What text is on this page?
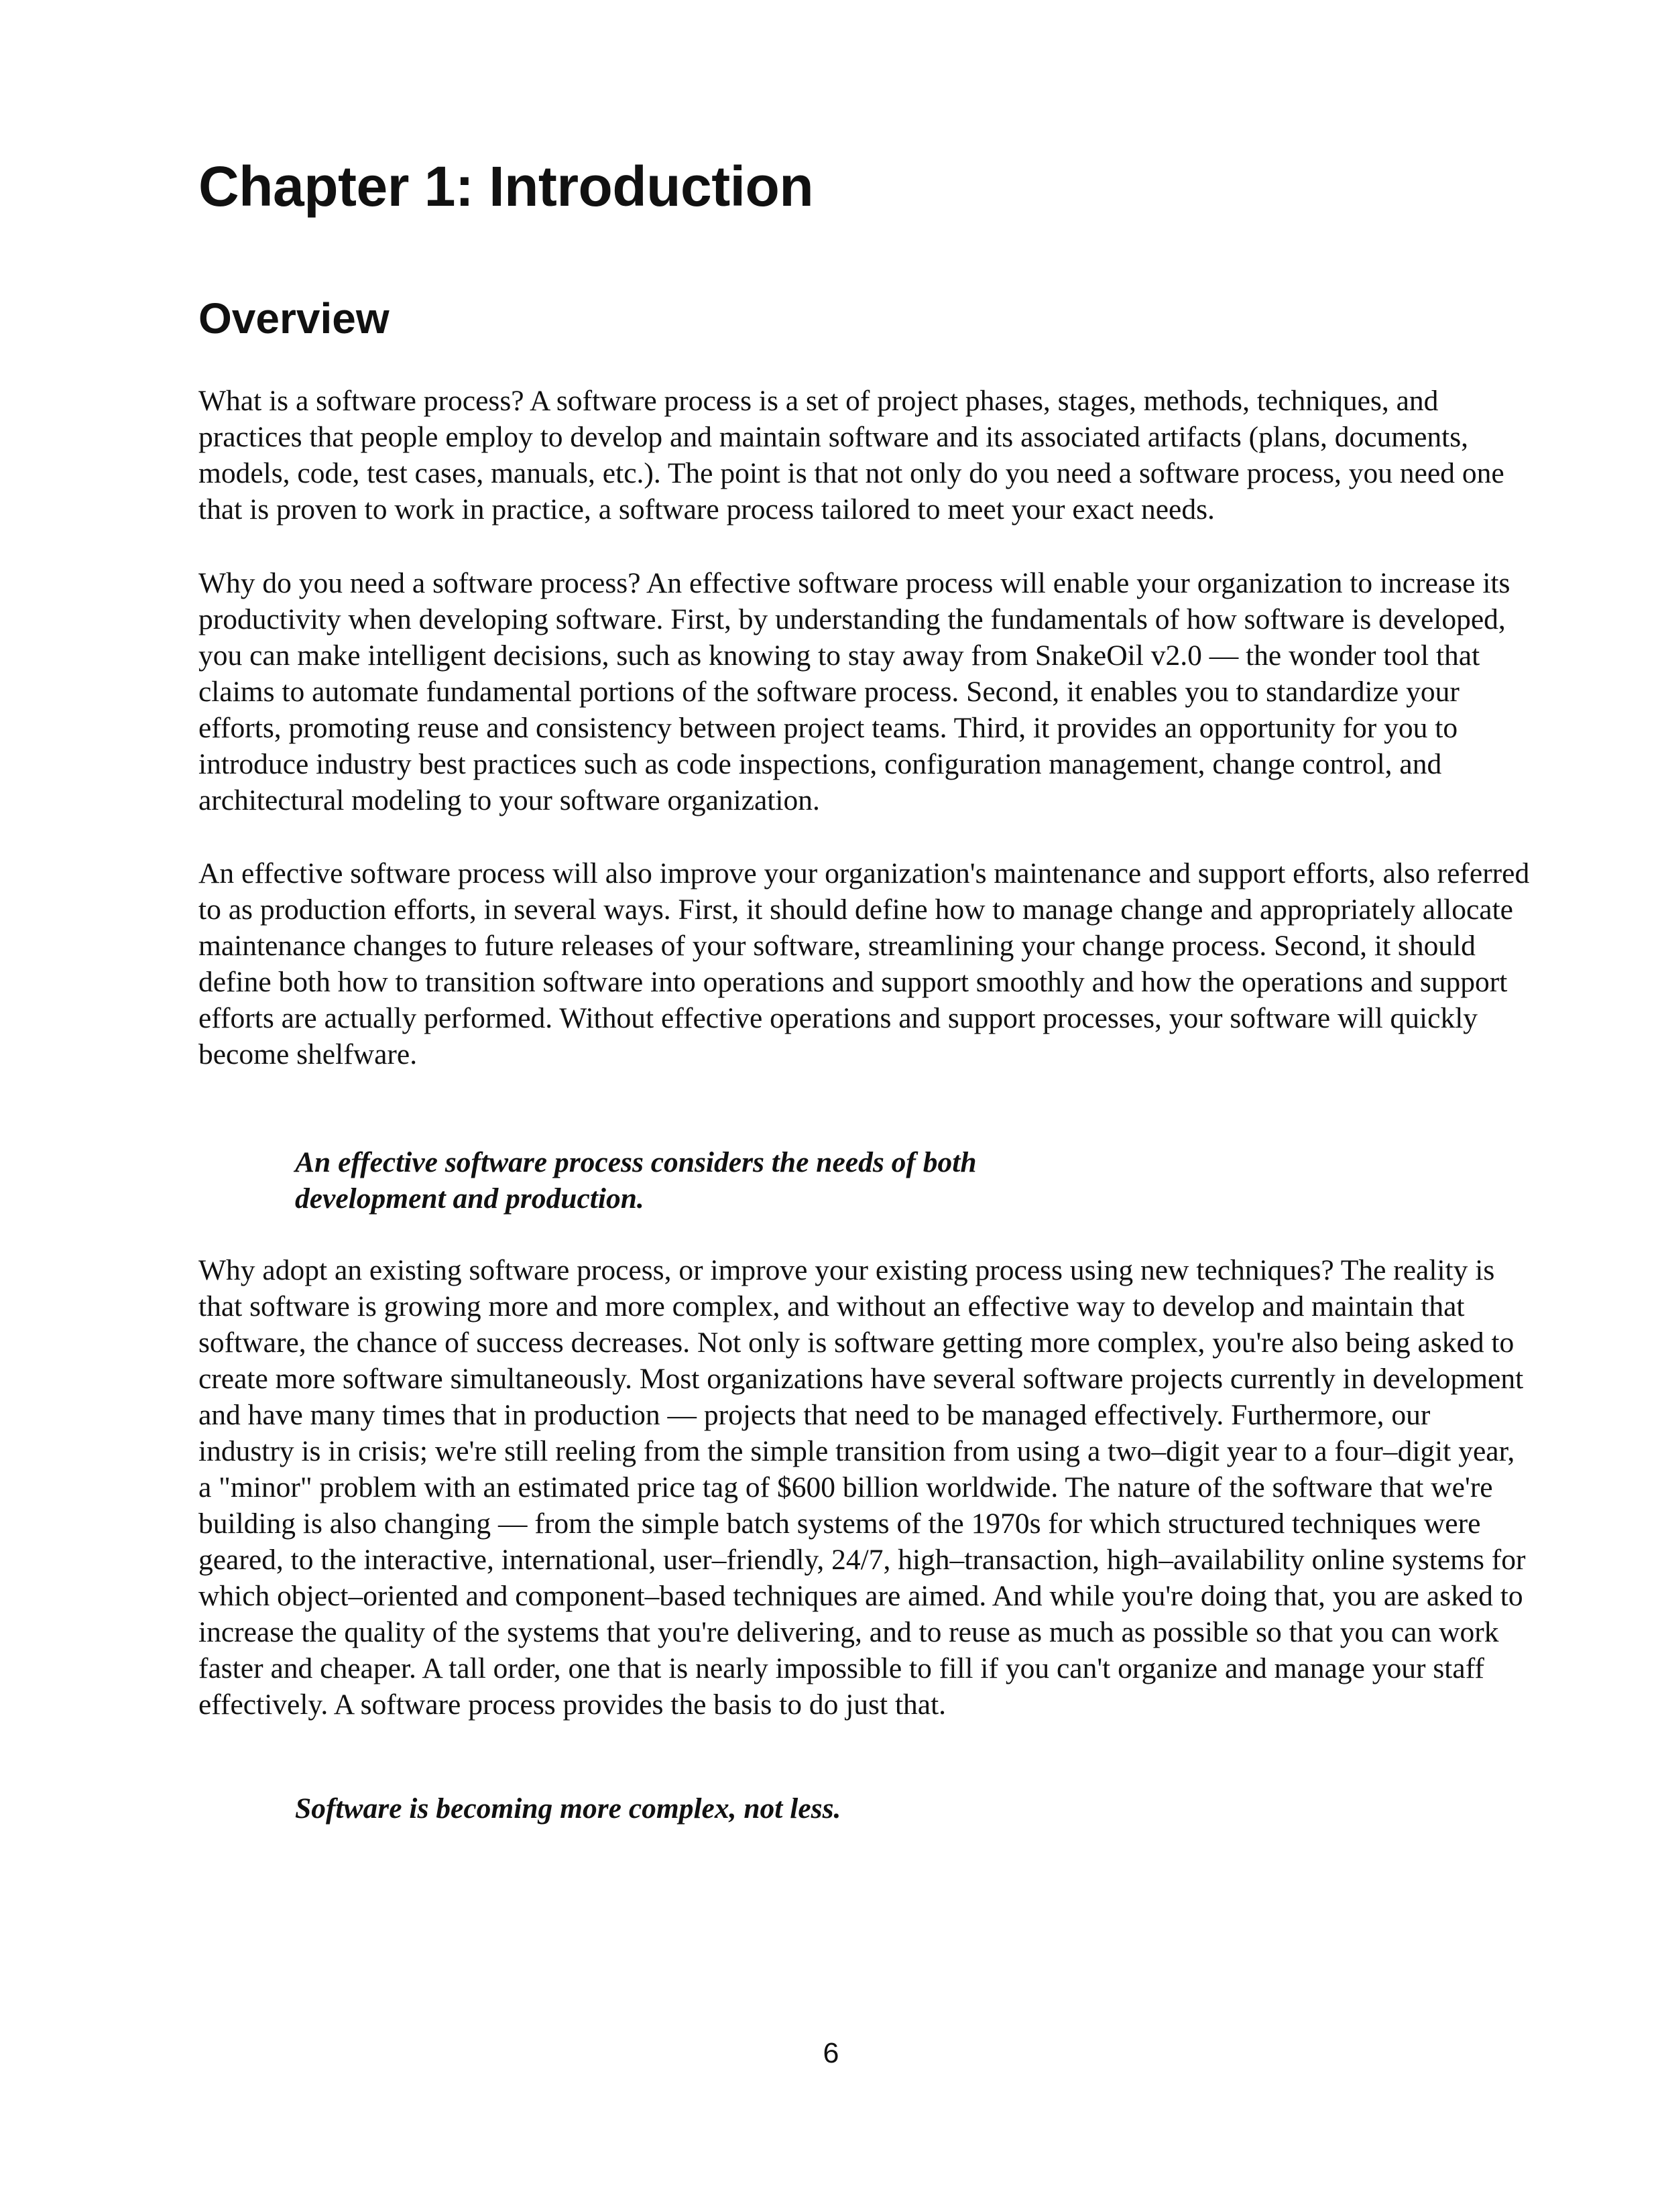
Chapter 1: Introduction
Overview

What is a software process? A software process is a set of project phases, stages, methods, techniques, and practices that people employ to develop and maintain software and its associated artifacts (plans, documents, models, code, test cases, manuals, etc.). The point is that not only do you need a software process, you need one that is proven to work in practice, a software process tailored to meet your exact needs.

Why do you need a software process? An effective software process will enable your organization to increase its productivity when developing software. First, by understanding the fundamentals of how software is developed, you can make intelligent decisions, such as knowing to stay away from SnakeOil v2.0 — the wonder tool that claims to automate fundamental portions of the software process. Second, it enables you to standardize your efforts, promoting reuse and consistency between project teams. Third, it provides an opportunity for you to introduce industry best practices such as code inspections, configuration management, change control, and architectural modeling to your software organization.

An effective software process will also improve your organization's maintenance and support efforts, also referred to as production efforts, in several ways. First, it should define how to manage change and appropriately allocate maintenance changes to future releases of your software, streamlining your change process. Second, it should define both how to transition software into operations and support smoothly and how the operations and support efforts are actually performed. Without effective operations and support processes, your software will quickly become shelfware.

An effective software process considers the needs of both
development and production.

Why adopt an existing software process, or improve your existing process using new techniques? The reality is that software is growing more and more complex, and without an effective way to develop and maintain that software, the chance of success decreases. Not only is software getting more complex, you're also being asked to create more software simultaneously. Most organizations have several software projects currently in development and have many times that in production — projects that need to be managed effectively. Furthermore, our industry is in crisis; we're still reeling from the simple transition from using a two–digit year to a four–digit year, a "minor" problem with an estimated price tag of $600 billion worldwide. The nature of the software that we're building is also changing — from the simple batch systems of the 1970s for which structured techniques were geared, to the interactive, international, user–friendly, 24/7, high–transaction, high–availability online systems for which object–oriented and component–based techniques are aimed. And while you're doing that, you are asked to increase the quality of the systems that you're delivering, and to reuse as much as possible so that you can work faster and cheaper. A tall order, one that is nearly impossible to fill if you can't organize and manage your staff effectively. A software process provides the basis to do just that.

Software is becoming more complex, not less.
6
